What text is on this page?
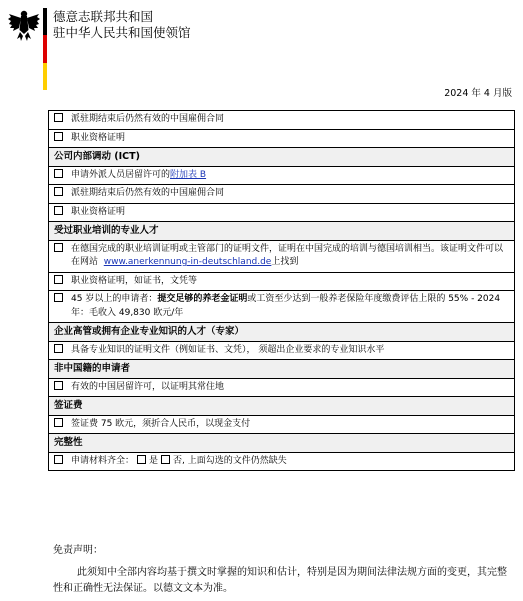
德意志联邦共和国
驻中华人民共和国使领馆
2024 年 4 月版
派驻期结束后仍然有效的中国雇佣合同
职业资格证明
公司内部调动 (ICT)
申请外派人员居留许可的附加表 B
派驻期结束后仍然有效的中国雇佣合同
职业资格证明
受过职业培训的专业人才

在德国完成的职业培训证明或主管部门的证明文件，证明在中国完成的培训与德国培训相当。该证明文件可以在网站 www.anerkennung-in-deutschland.de上找到

职业资格证明，如证书，文凭等

45 岁以上的申请者：提交足够的养老金证明或工资至少达到一般养老保险年度缴费评估上限的 55% - 2024 年：毛收入 49,830 欧元/年

企业高管或拥有企业专业知识的人才（专家）
具备专业知识的证明文件（例如证书、文凭）， 须超出企业要求的专业知识水平
非中国籍的申请者
有效的中国居留许可，以证明其常住地
签证费
签证费 75 欧元，须折合人民币，以现金支付
完整性
申请材料齐全： 是 否, 上面勾选的文件仍然缺失
免责声明：
此须知中全部内容均基于撰文时掌握的知识和估计，特别是因为期间法律法规方面的变更，其完整性和正确性无法保证。以德文文本为准。
